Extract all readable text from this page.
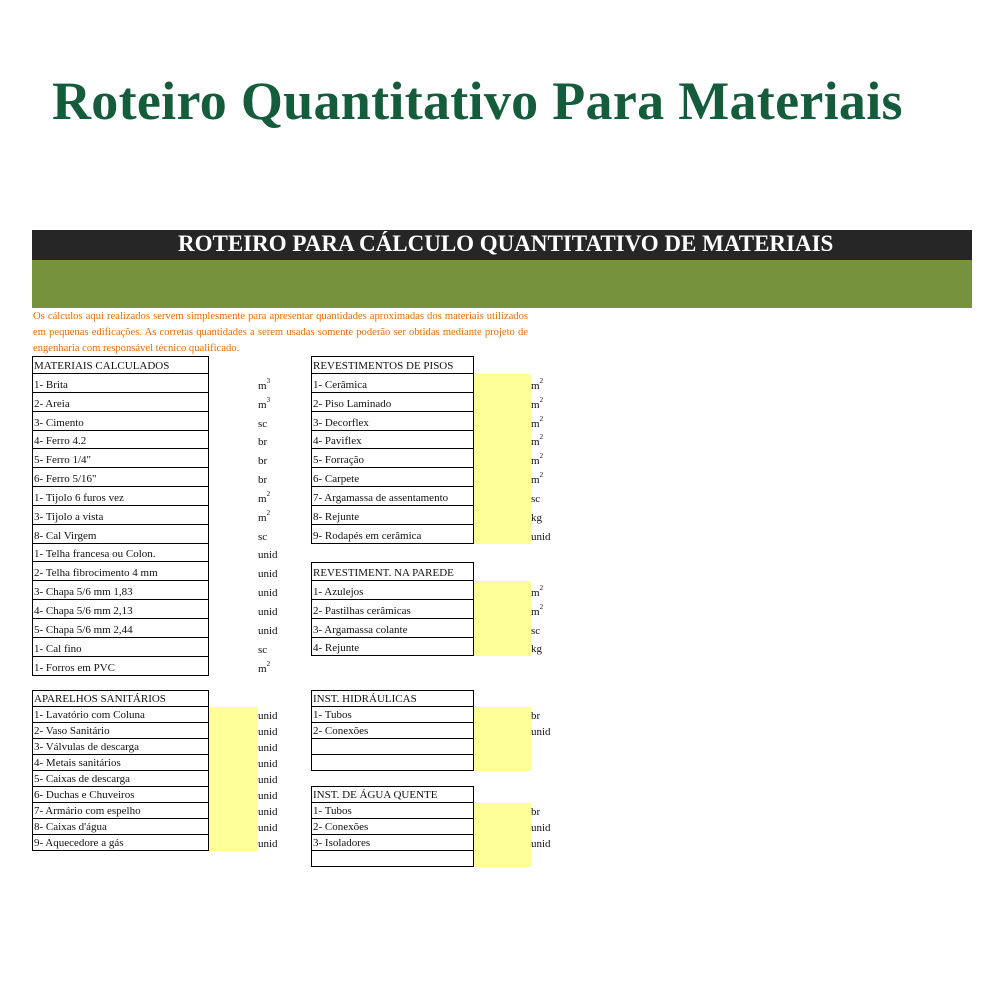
Roteiro Quantitativo Para Materiais
ROTEIRO PARA CÁLCULO QUANTITATIVO DE MATERIAIS
Os cálculos aqui realizados servem simplesmente para apresentar quantidades aproximadas dos materiais utilizados em pequenas edificações. As corretas quantidades a serem usadas somente poderão ser obtidas mediante projeto de engenharia com responsável técnico qualificado.
MATERIAIS CALCULADOS
1- Brita	$m^3$
2- Areia	$m^3$
3- Cimento	sc
4- Ferro 4.2	br
5- Ferro 1/4"	br
6- Ferro 5/16"	br
1- Tijolo 6 furos vez	$m^2$
3- Tijolo a vista	$m^2$
8- Cal Virgem	sc
1- Telha francesa ou Colon.	unid
2- Telha fibrocimento 4 mm	unid
3- Chapa 5/6 mm 1,83	unid
4- Chapa 5/6 mm 2,13	unid
5- Chapa 5/6 mm 2,44	unid
1- Cal fino	sc
1- Forros em PVC	$m^2$
REVESTIMENTOS DE PISOS
1- Cerâmica	$m^2$
2- Piso Laminado	$m^2$
3- Decorflex	$m^2$
4- Paviflex	$m^2$
5- Forração	$m^2$
6- Carpete	$m^2$
7- Argamassa de assentamento	sc
8- Rejunte	kg
9- Rodapés em cerâmica	unid
REVESTIMENT. NA PAREDE
1- Azulejos	$m^2$
2- Pastilhas cerâmicas	$m^2$
3- Argamassa colante	sc
4- Rejunte	kg
APARELHOS SANITÁRIOS
1- Lavatório com Coluna	unid
2- Vaso Sanitário	unid
3- Válvulas de descarga	unid
4- Metais sanitários	unid
5- Caixas de descarga	unid
6- Duchas e Chuveiros	unid
7- Armário com espelho	unid
8- Caixas d'água	unid
9- Aquecedore a gás	unid
INST. HIDRÁULICAS
1- Tubos	br
2- Conexões	unid
INST. DE ÁGUA QUENTE
1- Tubos	br
2- Conexões	unid
3- Isoladores	unid
